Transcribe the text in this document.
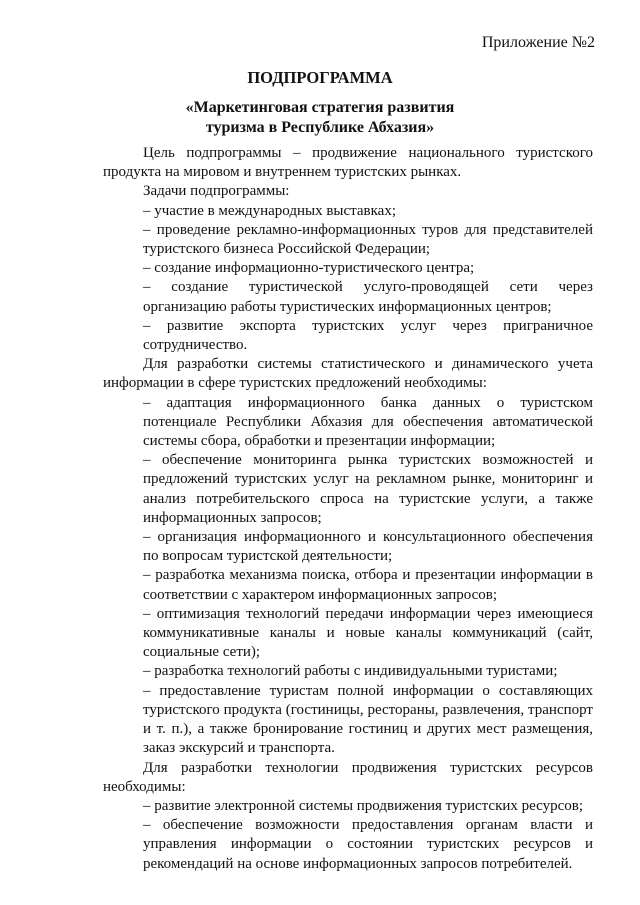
Приложение №2
ПОДПРОГРАММА
«Маркетинговая стратегия развития
туризма в Республике Абхазия»

Цель подпрограммы – продвижение национального туристского продукта на мировом и внутреннем туристских рынках.

Задачи подпрограммы:

– участие в международных выставках;

– проведение рекламно-информационных туров для представителей туристского бизнеса Российской Федерации;

– создание информационно-туристического центра;

– создание туристической услуго-проводящей сети через организацию работы туристических информационных центров;

– развитие экспорта туристских услуг через приграничное сотрудничество.

Для разработки системы статистического и динамического учета информации в сфере туристских предложений необходимы:

– адаптация информационного банка данных о туристском потенциале Республики Абхазия для обеспечения автоматической системы сбора, обработки и презентации информации;

– обеспечение мониторинга рынка туристских возможностей и предложений туристских услуг на рекламном рынке, мониторинг и анализ потребительского спроса на туристские услуги, а также информационных запросов;

– организация информационного и консультационного обеспечения по вопросам туристской деятельности;

– разработка механизма поиска, отбора и презентации информации в соответствии с характером информационных запросов;

– оптимизация технологий передачи информации через имеющиеся коммуникативные каналы и новые каналы коммуникаций (сайт, социальные сети);

– разработка технологий работы с индивидуальными туристами;

– предоставление туристам полной информации о составляющих туристского продукта (гостиницы, рестораны, развлечения, транспорт и т. п.), а также бронирование гостиниц и других мест размещения, заказ экскурсий и транспорта.

Для разработки технологии продвижения туристских ресурсов необходимы:

– развитие электронной системы продвижения туристских ресурсов;

– обеспечение возможности предоставления органам власти и управления информации о состоянии туристских ресурсов и рекомендаций на основе информационных запросов потребителей.
